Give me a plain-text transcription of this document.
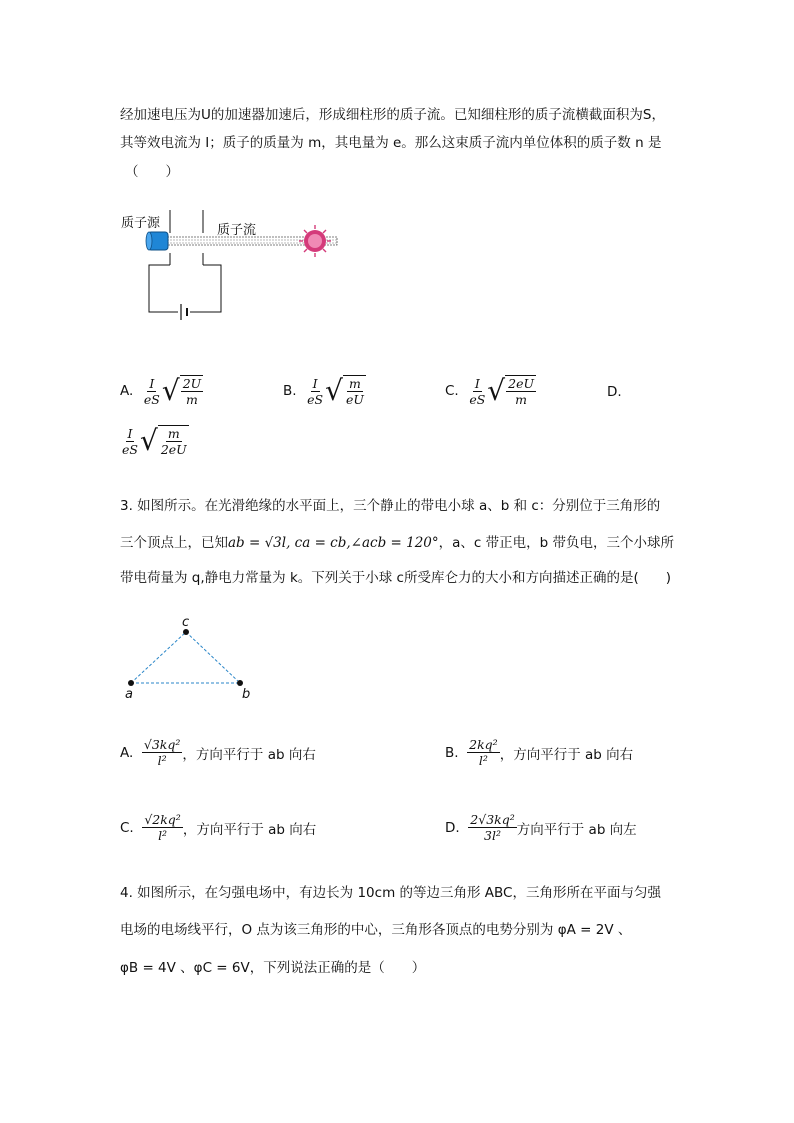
经加速电压为U的加速器加速后，形成细柱形的质子流。已知细柱形的质子流横截面积为S，
其等效电流为 I；质子的质量为 m，其电量为 e。那么这束质子流内单位体积的质子数 n 是
（　　）
质子源	质子流
A.
$\frac{I}{eS}$ √ $\frac{2U}{m}$	B.
$\frac{I}{eS}$ √ $\frac{m}{eU}$	C.
$\frac{I}{eS}$ √ $\frac{2eU}{m}$	D.
$\frac{I}{eS}$ √ $\frac{m}{2eU}$
3. 如图所示。在光滑绝缘的水平面上，三个静止的带电小球 a、b 和 c：分别位于三角形的
三个顶点上，已知ab = √3l, ca = cb,∠acb = 120°，a、c 带正电，b 带负电，三个小球所
带电荷量为 q,静电力常量为 k。下列关于小球 c所受库仑力的大小和方向描述正确的是(　　)
c
a	b
A.
$\frac{\text{√3kq²}}{\text{l²}}$ ，方向平行于 ab 向右	B.
$\frac{\text{2kq²}}{\text{l²}}$ ，方向平行于 ab 向右
C.
$\frac{\text{√2kq²}}{\text{l²}}$ ，方向平行于 ab 向右	D.
$\frac{\text{2√3kq²}}{\text{3l²}}$ 方向平行于 ab 向左
4. 如图所示，在匀强电场中，有边长为 10cm 的等边三角形 ABC，三角形所在平面与匀强
电场的电场线平行，O 点为该三角形的中心，三角形各顶点的电势分别为 φA = 2V 、
φB = 4V 、φC = 6V，下列说法正确的是（　　）
